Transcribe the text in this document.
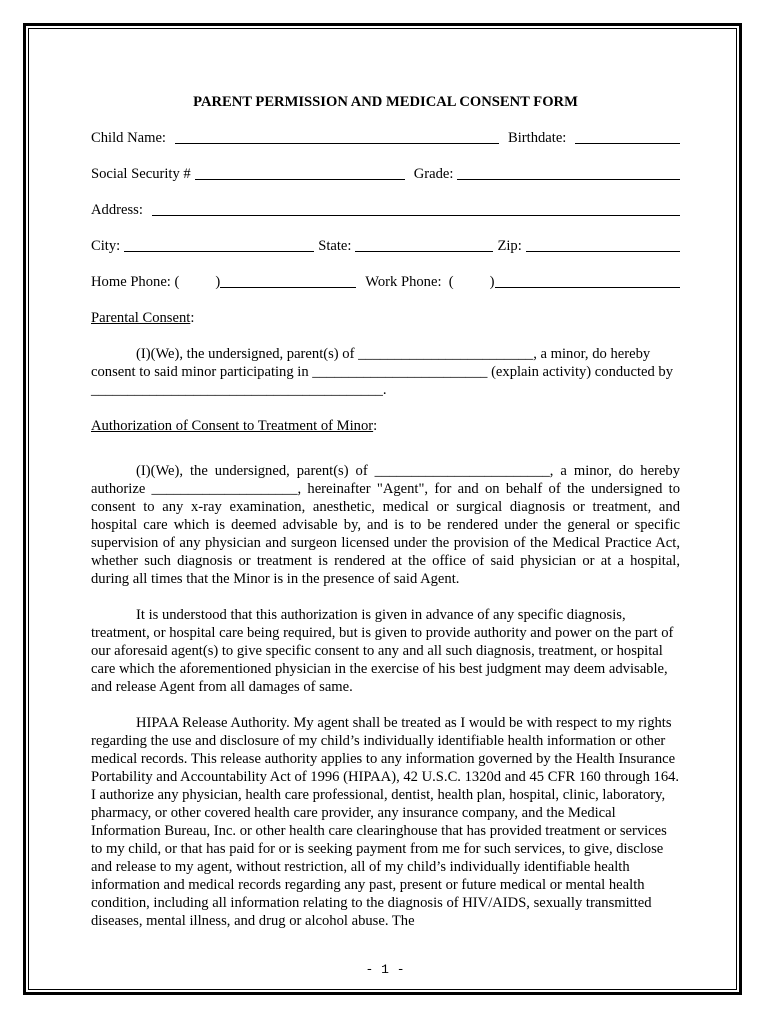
PARENT PERMISSION AND MEDICAL CONSENT FORM
Child Name:	Birthdate:
Social Security #	Grade:
Address:
City:	State:	Zip:
Home Phone: ( )	Work Phone:  ( )
Parental Consent:

(I)(We), the undersigned, parent(s) of ________________________, a minor, do hereby consent to said minor participating in ________________________ (explain activity) conducted by ________________________________________.

Authorization of Consent to Treatment of Minor:

(I)(We), the undersigned, parent(s) of ________________________, a minor, do hereby authorize ____________________, hereinafter "Agent", for and on behalf of the undersigned to consent to any x-ray examination, anesthetic, medical or surgical diagnosis or treatment, and hospital care which is deemed advisable by, and is to be rendered under the general or specific supervision of any physician and surgeon licensed under the provision of the Medical Practice Act, whether such diagnosis or treatment is rendered at the office of said physician or at a hospital, during all times that the Minor is in the presence of said Agent.

It is understood that this authorization is given in advance of any specific diagnosis, treatment, or hospital care being required, but is given to provide authority and power on the part of our aforesaid agent(s) to give specific consent to any and all such diagnosis, treatment, or hospital care which the aforementioned physician in the exercise of his best judgment may deem advisable, and release Agent from all damages of same.

HIPAA Release Authority. My agent shall be treated as I would be with respect to my rights regarding the use and disclosure of my child’s individually identifiable health information or other medical records. This release authority applies to any information governed by the Health Insurance Portability and Accountability Act of 1996 (HIPAA), 42 U.S.C. 1320d and 45 CFR 160 through 164. I authorize any physician, health care professional, dentist, health plan, hospital, clinic, laboratory, pharmacy, or other covered health care provider, any insurance company, and the Medical Information Bureau, Inc. or other health care clearinghouse that has provided treatment or services to my child, or that has paid for or is seeking payment from me for such services, to give, disclose and release to my agent, without restriction, all of my child’s individually identifiable health information and medical records regarding any past, present or future medical or mental health condition, including all information relating to the diagnosis of HIV/AIDS, sexually transmitted diseases, mental illness, and drug or alcohol abuse. The

- 1 -
